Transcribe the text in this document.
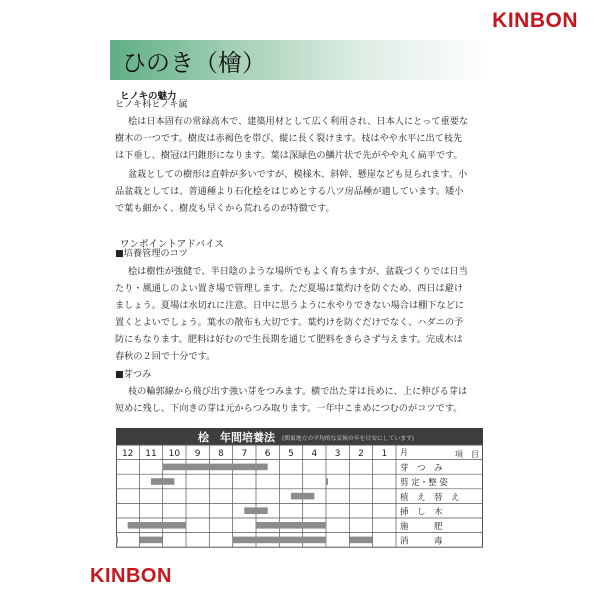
KINBON
ひのき（檜）
ヒノキの魅力
ヒノキ科ヒノキ属
桧は日本固有の常緑高木で、建築用材として広く利用され、日本人にとって重要な
樹木の一つです。樹皮は赤褐色を帯び、縦に長く裂けます。枝はやや水平に出て枝先
は下垂し、樹冠は円錐形になります。葉は深緑色の鱗片状で先がやや丸く扁平です。
盆栽としての樹形は直幹が多いですが、模様木、斜幹、懸崖なども見られます。小
品盆栽としては、普通種より石化桧をはじめとする八ツ房品種が適しています。矮小
で葉も細かく、樹皮も早くから荒れるのが特徴です。
ワンポイントアドバイス
■培養管理のコツ
桧は樹性が強健で、半日陰のような場所でもよく育ちますが、盆栽づくりでは日当
たり・風通しのよい置き場で管理します。ただ夏場は葉灼けを防ぐため、西日は避け
ましょう。夏場は水切れに注意。日中に思うように水やりできない場合は棚下などに
置くとよいでしょう。葉水の散布も大切です。葉灼けを防ぐだけでなく、ハダニの予
防にもなります。肥料は好むので生長期を通じて肥料をきらさず与えます。完成木は
春秋の２回で十分です。
■芽つみ
枝の輪郭線から飛び出す強い芽をつみます。横で出た芽は長めに、上に伸びる芽は
短めに残し、下向きの芽は元からつみ取ります。一年中こまめにつむのがコツです。
桧　年間培養法 (関東地方の平均的な気候の年を目安にしています)
12 11 10 9 8 7 6 5 4 3 2 1 月	項　目
芽　つ　み
剪 定・整 姿
植　え　替　え
挿　し　木
施　　　肥
消　　　毒
KINBON
